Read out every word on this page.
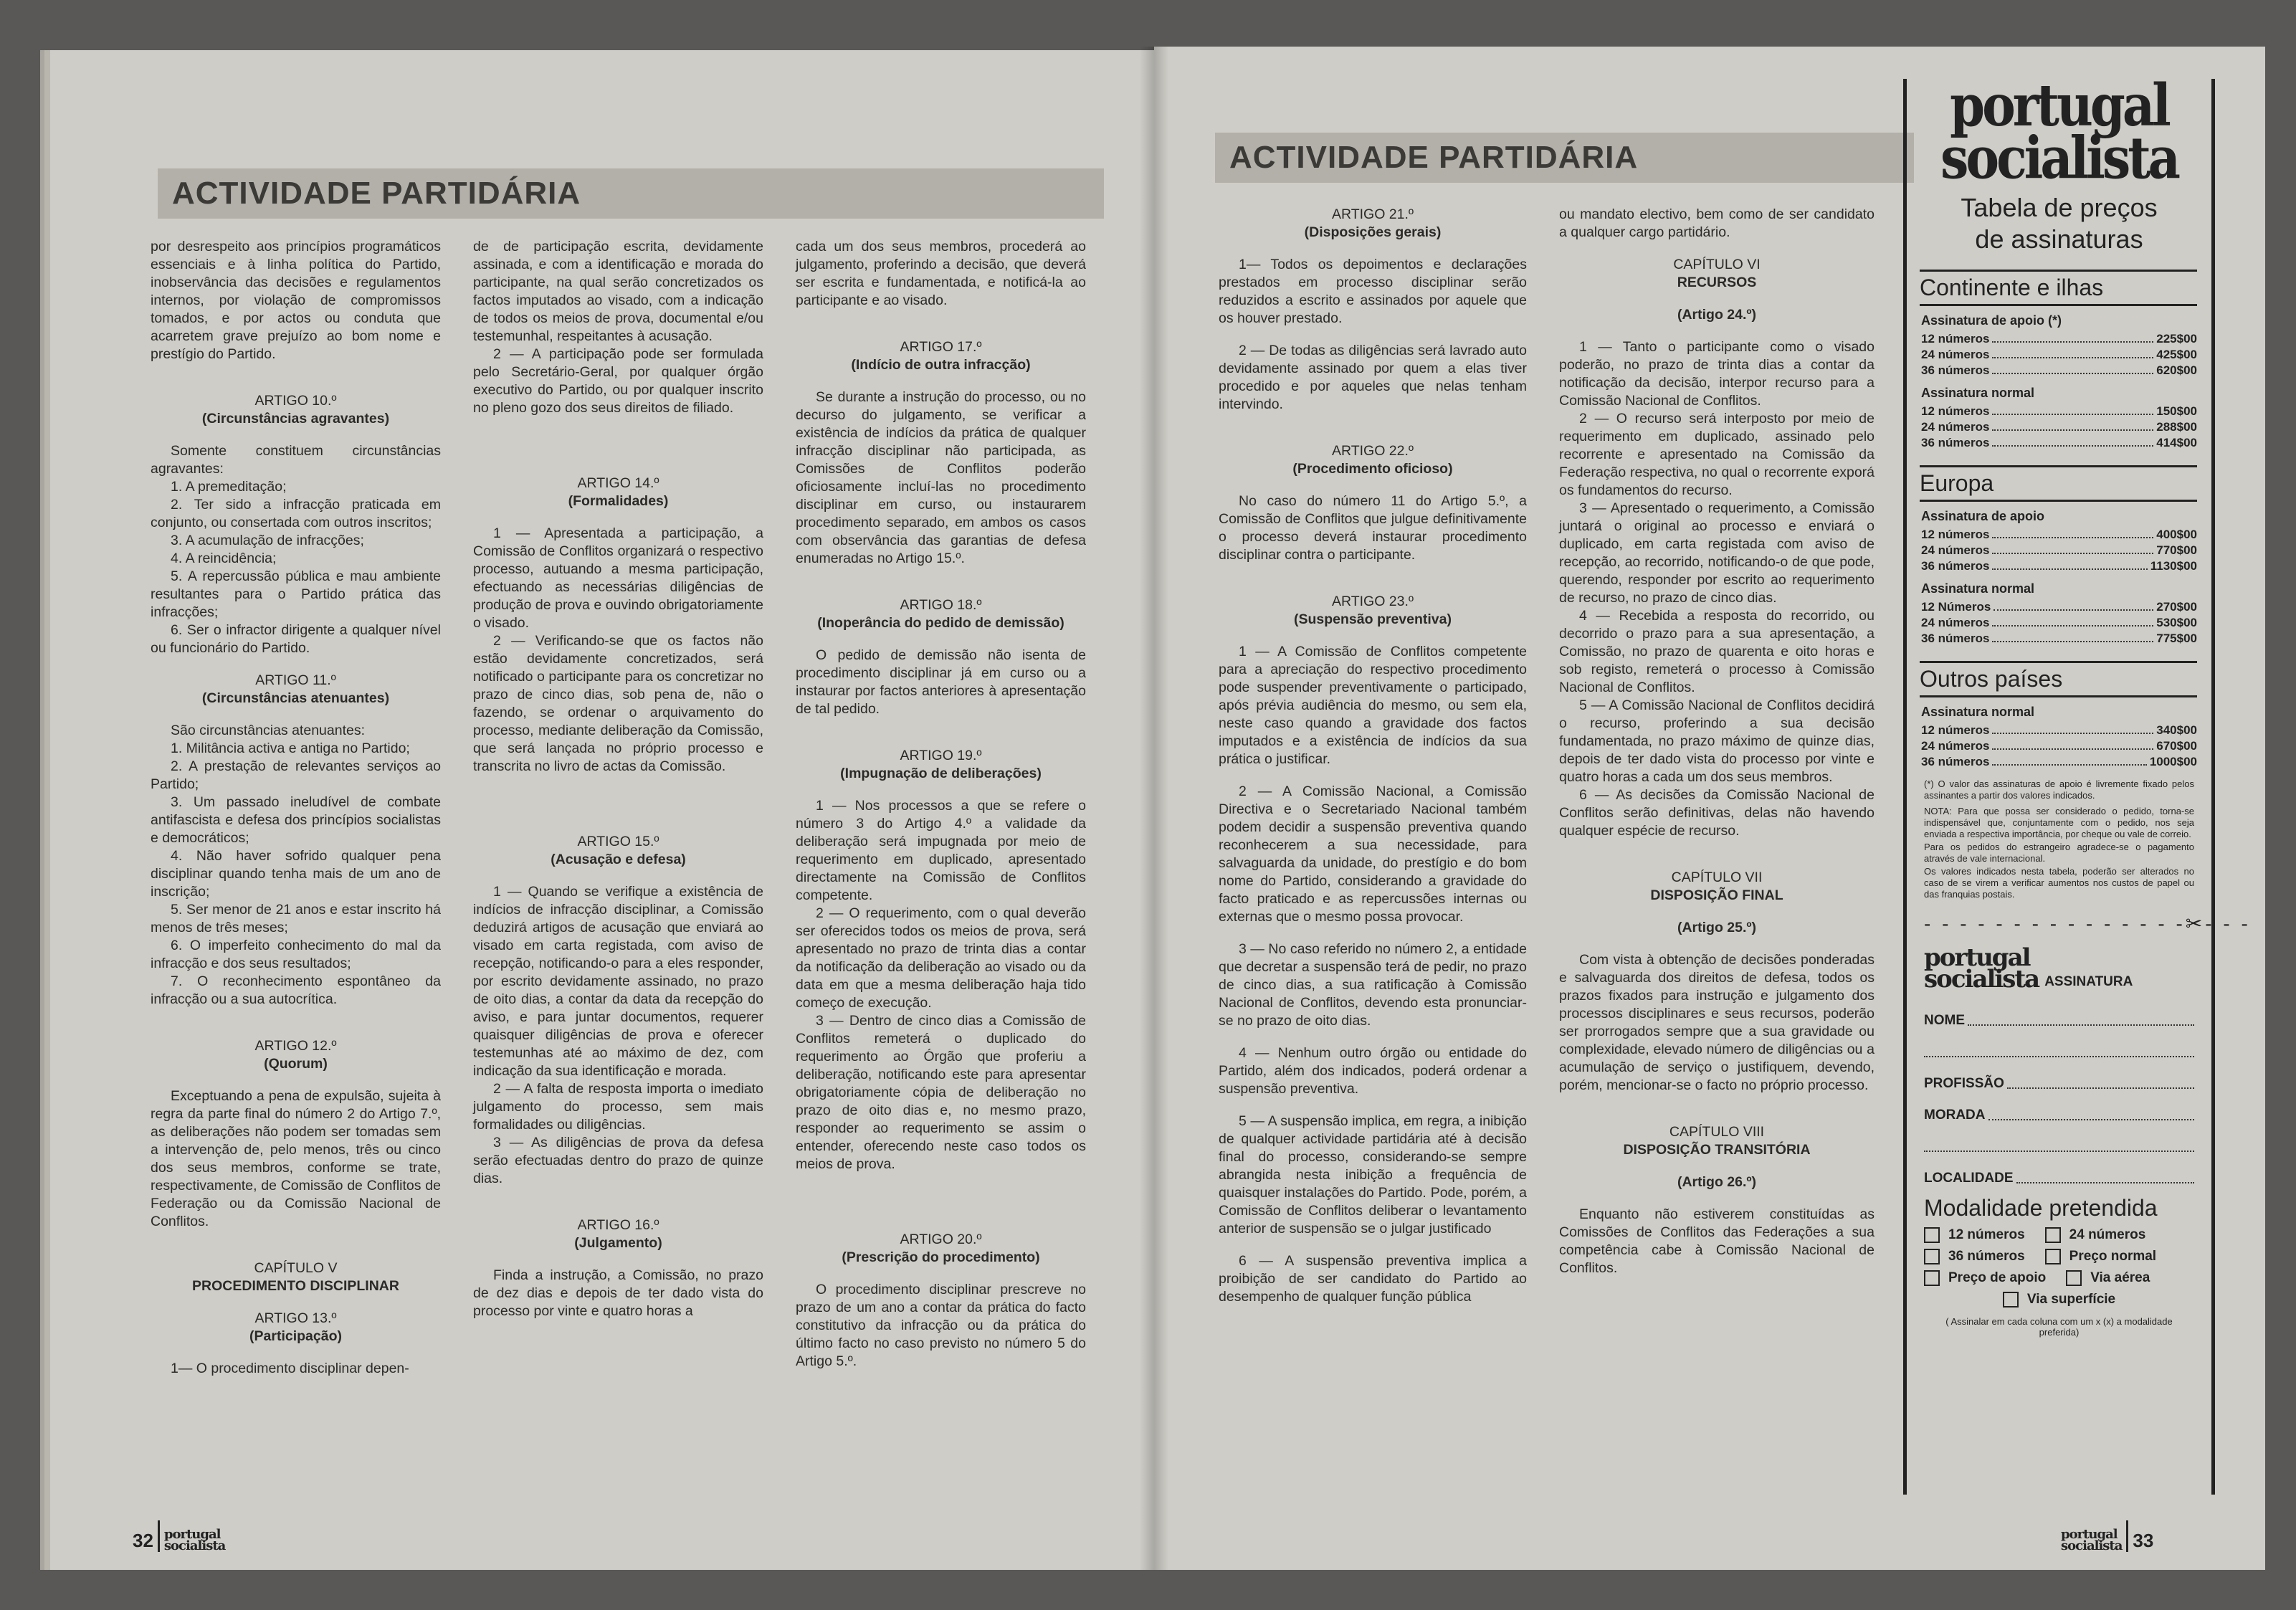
ACTIVIDADE PARTIDÁRIA

por desrespeito aos princípios programáticos essenciais e à linha política do Partido, inobservância das decisões e regulamentos internos, por violação de compromissos tomados, e por actos ou conduta que acarretem grave prejuízo ao bom nome e prestígio do Partido.

ARTIGO 10.º

(Circunstâncias agravantes)

Somente constituem circunstâncias agravantes:

1. A premeditação;

2. Ter sido a infracção praticada em conjunto, ou consertada com outros inscritos;

3. A acumulação de infracções;

4. A reincidência;

5. A repercussão pública e mau ambiente resultantes para o Partido prática das infracções;

6. Ser o infractor dirigente a qualquer nível ou funcionário do Partido.

ARTIGO 11.º

(Circunstâncias atenuantes)

São circunstâncias atenuantes:

1. Militância activa e antiga no Partido;

2. A prestação de relevantes serviços ao Partido;

3. Um passado ineludível de combate antifascista e defesa dos princípios socialistas e democráticos;

4. Não haver sofrido qualquer pena disciplinar quando tenha mais de um ano de inscrição;

5. Ser menor de 21 anos e estar inscrito há menos de três meses;

6. O imperfeito conhecimento do mal da infracção e dos seus resultados;

7. O reconhecimento espontâneo da infracção ou a sua autocrítica.

ARTIGO 12.º

(Quorum)

Exceptuando a pena de expulsão, sujeita à regra da parte final do número 2 do Artigo 7.º, as deliberações não podem ser tomadas sem a intervenção de, pelo menos, três ou cinco dos seus membros, conforme se trate, respectivamente, de Comissão de Conflitos de Federação ou da Comissão Nacional de Conflitos.

CAPÍTULO V

PROCEDIMENTO DISCIPLINAR

ARTIGO 13.º

(Participação)

1— O procedimento disciplinar depen-

de de participação escrita, devidamente assinada, e com a identificação e morada do participante, na qual serão concretizados os factos imputados ao visado, com a indicação de todos os meios de prova, documental e/ou testemunhal, respeitantes à acusação.

2 — A participação pode ser formulada pelo Secretário-Geral, por qualquer órgão executivo do Partido, ou por qualquer inscrito no pleno gozo dos seus direitos de filiado.

ARTIGO 14.º

(Formalidades)

1 — Apresentada a participação, a Comissão de Conflitos organizará o respectivo processo, autuando a mesma participação, efectuando as necessárias diligências de produção de prova e ouvindo obrigatoriamente o visado.

2 — Verificando-se que os factos não estão devidamente concretizados, será notificado o participante para os concretizar no prazo de cinco dias, sob pena de, não o fazendo, se ordenar o arquivamento do processo, mediante deliberação da Comissão, que será lançada no próprio processo e transcrita no livro de actas da Comissão.

ARTIGO 15.º

(Acusação e defesa)

1 — Quando se verifique a existência de indícios de infracção disciplinar, a Comissão deduzirá artigos de acusação que enviará ao visado em carta registada, com aviso de recepção, notificando-o para a eles responder, por escrito devidamente assinado, no prazo de oito dias, a contar da data da recepção do aviso, e para juntar documentos, requerer quaisquer diligências de prova e oferecer testemunhas até ao máximo de dez, com indicação da sua identificação e morada.

2 — A falta de resposta importa o imediato julgamento do processo, sem mais formalidades ou diligências.

3 — As diligências de prova da defesa serão efectuadas dentro do prazo de quinze dias.

ARTIGO 16.º

(Julgamento)

Finda a instrução, a Comissão, no prazo de dez dias e depois de ter dado vista do processo por vinte e quatro horas a

cada um dos seus membros, procederá ao julgamento, proferindo a decisão, que deverá ser escrita e fundamentada, e notificá-la ao participante e ao visado.

ARTIGO 17.º

(Indício de outra infracção)

Se durante a instrução do processo, ou no decurso do julgamento, se verificar a existência de indícios da prática de qualquer infracção disciplinar não participada, as Comissões de Conflitos poderão oficiosamente incluí-las no procedimento disciplinar em curso, ou instaurarem procedimento separado, em ambos os casos com observância das garantias de defesa enumeradas no Artigo 15.º.

ARTIGO 18.º

(Inoperância do pedido de demissão)

O pedido de demissão não isenta de procedimento disciplinar já em curso ou a instaurar por factos anteriores à apresentação de tal pedido.

ARTIGO 19.º

(Impugnação de deliberações)

1 — Nos processos a que se refere o número 3 do Artigo 4.º a validade da deliberação será impugnada por meio de requerimento em duplicado, apresentado directamente na Comissão de Conflitos competente.

2 — O requerimento, com o qual deverão ser oferecidos todos os meios de prova, será apresentado no prazo de trinta dias a contar da notificação da deliberação ao visado ou da data em que a mesma deliberação haja tido começo de execução.

3 — Dentro de cinco dias a Comissão de Conflitos remeterá o duplicado do requerimento ao Órgão que proferiu a deliberação, notificando este para apresentar obrigatoriamente cópia de deliberação no prazo de oito dias e, no mesmo prazo, responder ao requerimento se assim o entender, oferecendo neste caso todos os meios de prova.

ARTIGO 20.º

(Prescrição do procedimento)

O procedimento disciplinar prescreve no prazo de um ano a contar da prática do facto constitutivo da infracção ou da prática do último facto no caso previsto no número 5 do Artigo 5.º.

32 portugal
socialista
ACTIVIDADE PARTIDÁRIA

ARTIGO 21.º

(Disposições gerais)

1— Todos os depoimentos e declarações prestados em processo disciplinar serão reduzidos a escrito e assinados por aquele que os houver prestado.

2 — De todas as diligências será lavrado auto devidamente assinado por quem a elas tiver procedido e por aqueles que nelas tenham intervindo.

ARTIGO 22.º

(Procedimento oficioso)

No caso do número 11 do Artigo 5.º, a Comissão de Conflitos que julgue definitivamente o processo deverá instaurar procedimento disciplinar contra o participante.

ARTIGO 23.º

(Suspensão preventiva)

1 — A Comissão de Conflitos competente para a apreciação do respectivo procedimento pode suspender preventivamente o participado, após prévia audiência do mesmo, ou sem ela, neste caso quando a gravidade dos factos imputados e a existência de indícios da sua prática o justificar.

2 — A Comissão Nacional, a Comissão Directiva e o Secretariado Nacional também podem decidir a suspensão preventiva quando reconhecerem a sua necessidade, para salvaguarda da unidade, do prestígio e do bom nome do Partido, considerando a gravidade do facto praticado e as repercussões internas ou externas que o mesmo possa provocar.

3 — No caso referido no número 2, a entidade que decretar a suspensão terá de pedir, no prazo de cinco dias, a sua ratificação à Comissão Nacional de Conflitos, devendo esta pronunciar-se no prazo de oito dias.

4 — Nenhum outro órgão ou entidade do Partido, além dos indicados, poderá ordenar a suspensão preventiva.

5 — A suspensão implica, em regra, a inibição de qualquer actividade partidária até à decisão final do processo, considerando-se sempre abrangida nesta inibição a frequência de quaisquer instalações do Partido. Pode, porém, a Comissão de Conflitos deliberar o levantamento anterior de suspensão se o julgar justificado

6 — A suspensão preventiva implica a proibição de ser candidato do Partido ao desempenho de qualquer função pública

ou mandato electivo, bem como de ser candidato a qualquer cargo partidário.

CAPÍTULO VI

RECURSOS

(Artigo 24.º)

1 — Tanto o participante como o visado poderão, no prazo de trinta dias a contar da notificação da decisão, interpor recurso para a Comissão Nacional de Conflitos.

2 — O recurso será interposto por meio de requerimento em duplicado, assinado pelo recorrente e apresentado na Comissão da Federação respectiva, no qual o recorrente exporá os fundamentos do recurso.

3 — Apresentado o requerimento, a Comissão juntará o original ao processo e enviará o duplicado, em carta registada com aviso de recepção, ao recorrido, notificando-o de que pode, querendo, responder por escrito ao requerimento de recurso, no prazo de cinco dias.

4 — Recebida a resposta do recorrido, ou decorrido o prazo para a sua apresentação, a Comissão, no prazo de quarenta e oito horas e sob registo, remeterá o processo à Comissão Nacional de Conflitos.

5 — A Comissão Nacional de Conflitos decidirá o recurso, proferindo a sua decisão fundamentada, no prazo máximo de quinze dias, depois de ter dado vista do processo por vinte e quatro horas a cada um dos seus membros.

6 — As decisões da Comissão Nacional de Conflitos serão definitivas, delas não havendo qualquer espécie de recurso.

CAPÍTULO VII

DISPOSIÇÃO FINAL

(Artigo 25.º)

Com vista à obtenção de decisões ponderadas e salvaguarda dos direitos de defesa, todos os prazos fixados para instrução e julgamento dos processos disciplinares e seus recursos, poderão ser prorrogados sempre que a sua gravidade ou complexidade, elevado número de diligências ou a acumulação de serviço o justifiquem, devendo, porém, mencionar-se o facto no próprio processo.

CAPÍTULO VIII

DISPOSIÇÃO TRANSITÓRIA

(Artigo 26.º)

Enquanto não estiverem constituídas as Comissões de Conflitos das Federações a sua competência cabe à Comissão Nacional de Conflitos.

portugal
socialista
Tabela de preços
de assinaturas
Continente e ilhas
Assinatura de apoio (*)
12 números	225$00
24 números	425$00
36 números	620$00
Assinatura normal
12 números	150$00
24 números	288$00
36 números	414$00
Europa
Assinatura de apoio
12 números	400$00
24 números	770$00
36 números	1130$00
Assinatura normal
12 Números	270$00
24 números	530$00
36 números	775$00
Outros países
Assinatura normal
12 números	340$00
24 números	670$00
36 números	1000$00
(*) O valor das assinaturas de apoio é livremente fixado pelos assinantes a partir dos valores indicados.
NOTA: Para que possa ser considerado o pedido, torna-se indispensável que, conjuntamente com o pedido, nos seja enviada a respectiva importância, por cheque ou vale de correio.
Para os pedidos do estrangeiro agradece-se o pagamento através de vale internacional.
Os valores indicados nesta tabela, poderão ser alterados no caso de se virem a verificar aumentos nos custos de papel ou das franquias postais.
- - - - - - - - - - - - - - -✂- - -
portugal
socialista ASSINATURA
NOME
PROFISSÃO
MORADA
LOCALIDADE
Modalidade pretendida
12 números	24 números
36 números	Preço normal
Preço de apoio	Via aérea
Via superfície
( Assinalar em cada coluna com um x (x) a modalidade preferida)
portugal
socialista 33
